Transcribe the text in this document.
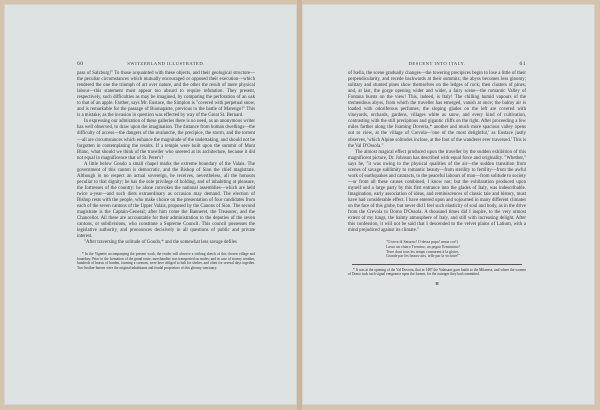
60	SWITZERLAND ILLUSTRATED.

pass of Salzburg!" To those acquainted with these objects, and their geological structure—the peculiar circumstances which mutually encouraged or opposed their execution—which rendered the one the triumph of art over nature, and the other the result of mere physical labour—this statement must appear too absurd to require refutation. They present, respectively, such difficulties as may be imagined, by comparing the perforation of an oak to that of an apple. Farther, says Mr. Eustace, the Simplon is "covered with perpetual snow, and is remarkable for the passage of Buonaparte, previous to the battle of Marengo!" This is a mistake; as the invasion in question was effected by way of the Great St. Bernard.

In expressing our admiration of these galleries there is no need, as an anonymous writer has well observed, to draw upon the imagination. The distance from human dwellings—the difficulty of access—the dangers of the avalanche, the precipice, the storm, and the torrent—all are circumstances which enhance the magnitude of the undertaking, and should not be forgotten in contemplating the results. If a temple were built upon the summit of Mont Blanc, what should we think of the traveller who sneered at its architecture, because it did not equal in magnificence that of St. Peter's?

A little below Gondo a small chapel marks the extreme boundary of the Valais. The government of this canton is democratic, and the Bishop of Sion the chief magistrate. Although in no respect an actual sovereign, he receives, nevertheless, all the honours peculiar to that dignity; he has the sole privilege of holding, and of inhabiting at pleasure, the fortresses of the country: he alone convokes the national assemblies—which are held twice a-year—and such diets extraordinary as occasion may demand. The election of Bishop rests with the people, who make choice on the presentation of four candidates from each of the seven cantons of the Upper Valais, proposed by the Canons of Sion. The second magistrate is the Captain-General; after him come the Banneret, the Treasurer, and the Chancellor. All these are accountable for their administration to the deputies of the seven cantons, or subdivisions, who constitute a Supreme Council. This council possesses the legislative authority, and pronounces decisively in all questions of public and private interest.

"After traversing the solitude of Gondo,* and the somewhat less savage defiles

* In the Vignette accompanying the present work, the reader will observe a striking sketch of this chosen village and boundary. Prior to the formation of the grand route, merchandise was transported on mules; and in case of stormy weather, hundreds of beasts of burden, forming a caravan, were here obliged to halt for shelter, and often for several days together. Two brother-barons were the original inhabitants and feudal proprietors of this gloomy sanctuary.

DESCENT INTO ITALY.	61

of Isella, the scene gradually changes—the towering precipices begin to lose a little of their perpendicularity, and recede backwards at their summits; the abyss becomes less gloomy; solitary and stunted pines show themselves on the ledges of rock; then clusters of pines; and, at last, the gorge opening wider and wider, a fairy scene—the romantic Valley of Fontana bursts on the view! This, indeed, is Italy! The chilling humid vapours of the tremendous abyss, from which the traveller has emerged, vanish at once; the balmy air is loaded with odoriferous perfumes; the sloping glades on the left are covered with vineyards, orchards, gardens, villages white as snow, and every kind of cultivation, contrasting with the still precipitous and gigantic cliffs on the right. After proceeding a few miles farther along the foaming Doveria,* another and much more spacious valley opens out to view, at the village of Crevola—'one of the most delightful,' as Eustace justly observes, 'which Alpine solitudes inclose, at the foot of the wanderer ever traversed.' This is the Val D'Ossola."

The almost magical effect produced upon the traveller by the sudden exhibition of this magnificent picture, Dr. Johnson has described with equal force and originality. "Whether," says he, "it was owing to the physical qualities of the air—the sudden transition from scenes of savage sublimity to romantic beauty—from sterility to fertility—from the awful work of earthquakes and cataracts, to the peaceful labours of man—from solitude to society—or from all these causes combined, I know not; but the exhilaration produced upon myself and a large party by this first entrance into the glades of Italy, was indescribable. Imagination, early association of ideas, and reminiscences of classic tale and history, must have had considerable effect. I have entered upon and sojourned in many different climates on the face of this globe, but never did I feel such elasticity of soul and body, as in the drive from the Crevola to Domo D'Ossola. A thousand times did I inspire, to the very utmost extent of my lungs, the balmy atmosphere of Italy, and still with increasing delight. After this confession, it will not be said that I descended to the velvet plains of Latium, with a mind prejudiced against its climate."

"O terra di Saturno! O dessa pupa! amoa cor!)
Lasso un chiaro Trentino, un pegno Erminiano!
Terre dont tous les temps connurent à la gloire,
Grande par les beaux-arts, telle par la victoire!"

* It was at the opening of the Val Doveria, that in 1487 the Valaisans gave battle to the Milanese, and where the women of Domo took such signal vengeance upon the former, for the outrages they had committed.

H
